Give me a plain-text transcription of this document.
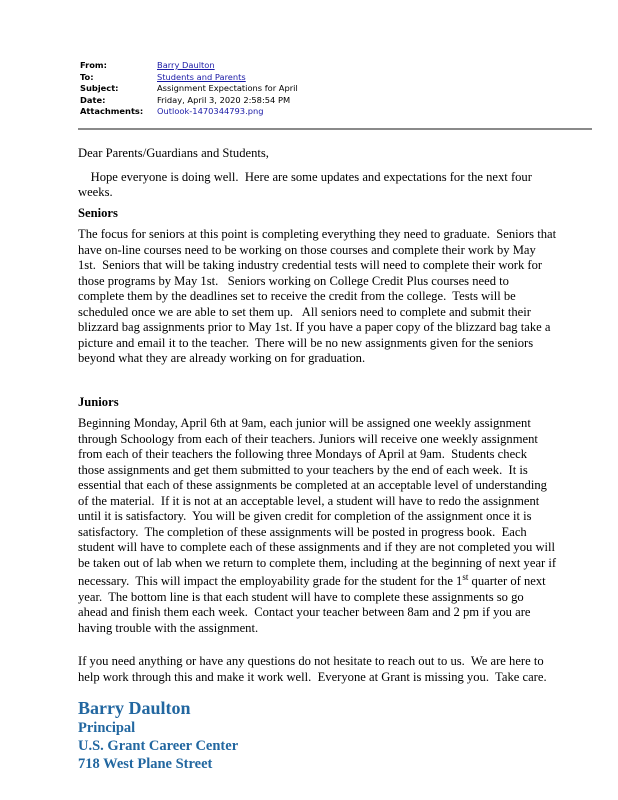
From:	Barry Daulton
To:	Students and Parents
Subject:	Assignment Expectations for April
Date:	Friday, April 3, 2020 2:58:54 PM
Attachments:	Outlook-1470344793.png
Dear Parents/Guardians and Students,
Hope everyone is doing well.  Here are some updates and expectations for the next four
weeks.
Seniors
The focus for seniors at this point is completing everything they need to graduate.  Seniors that
have on-line courses need to be working on those courses and complete their work by May
1st.  Seniors that will be taking industry credential tests will need to complete their work for
those programs by May 1st.   Seniors working on College Credit Plus courses need to
complete them by the deadlines set to receive the credit from the college.  Tests will be
scheduled once we are able to set them up.   All seniors need to complete and submit their
blizzard bag assignments prior to May 1st. If you have a paper copy of the blizzard bag take a
picture and email it to the teacher.  There will be no new assignments given for the seniors
beyond what they are already working on for graduation.
Juniors
Beginning Monday, April 6th at 9am, each junior will be assigned one weekly assignment
through Schoology from each of their teachers. Juniors will receive one weekly assignment
from each of their teachers the following three Mondays of April at 9am.  Students check
those assignments and get them submitted to your teachers by the end of each week.  It is
essential that each of these assignments be completed at an acceptable level of understanding
of the material.  If it is not at an acceptable level, a student will have to redo the assignment
until it is satisfactory.  You will be given credit for completion of the assignment once it is
satisfactory.  The completion of these assignments will be posted in progress book.  Each
student will have to complete each of these assignments and if they are not completed you will
be taken out of lab when we return to complete them, including at the beginning of next year if
necessary.  This will impact the employability grade for the student for the 1st quarter of next
year.  The bottom line is that each student will have to complete these assignments so go
ahead and finish them each week.  Contact your teacher between 8am and 2 pm if you are
having trouble with the assignment.
If you need anything or have any questions do not hesitate to reach out to us.  We are here to
help work through this and make it work well.  Everyone at Grant is missing you.  Take care.
Barry Daulton
Principal
U.S. Grant Career Center
718 West Plane Street
